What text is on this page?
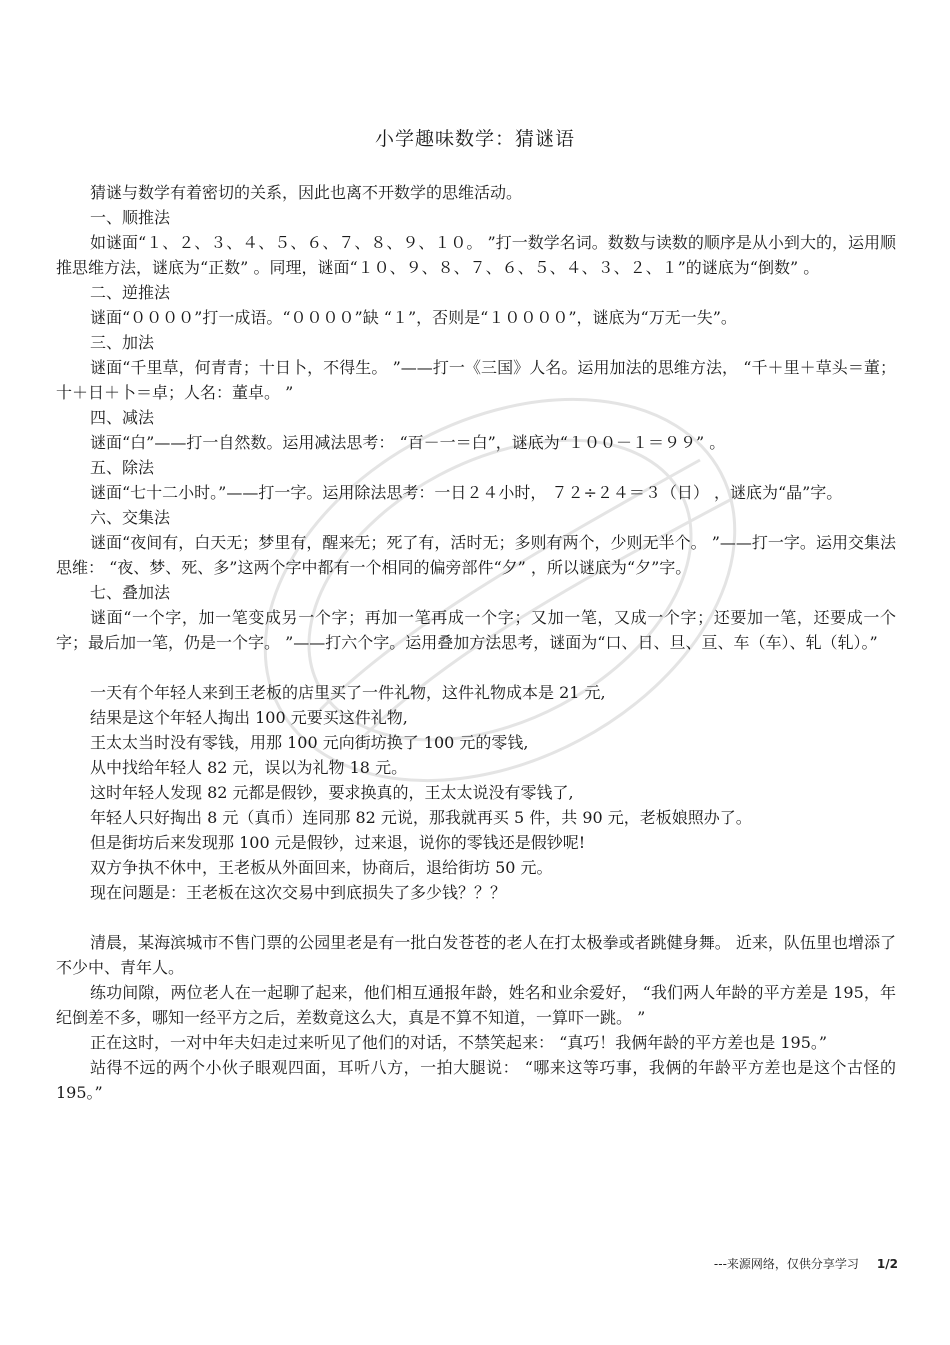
小学趣味数学：猜谜语

猜谜与数学有着密切的关系，因此也离不开数学的思维活动。

一、顺推法

如谜面“１、２、３、４、５、６、７、８、９、１０。 ”打一数学名词。数数与读数的顺序是从小到大的，运用顺推思维方法，谜底为“正数” 。同理，谜面“１０、９、８、７、６、５、４、３、２、１”的谜底为“倒数” 。

二、逆推法

谜面“００００”打一成语。“００００”缺 “１”，否则是“１００００”，谜底为“万无一失”。

三、加法

谜面“千里草，何青青；十日卜，不得生。 ”——打一《三国》人名。运用加法的思维方法， “千＋里＋草头＝董；十＋日＋卜＝卓；人名：董卓。 ”

四、减法

谜面“白”——打一自然数。运用减法思考： “百－一＝白”，谜底为“１００－１＝９９” 。

五、除法

谜面“七十二小时。”——打一字。运用除法思考：一日２４小时， ７２÷２４＝３（日） ，谜底为“晶”字。

六、交集法

谜面“夜间有，白天无；梦里有，醒来无；死了有，活时无；多则有两个，少则无半个。 ”——打一字。运用交集法思维： “夜、梦、死、多”这两个字中都有一个相同的偏旁部件“夕” ，所以谜底为“夕”字。

七、叠加法

谜面“一个字，加一笔变成另一个字；再加一笔再成一个字；又加一笔，又成一个字；还要加一笔，还要成一个字；最后加一笔，仍是一个字。 ”——打六个字。运用叠加方法思考，谜面为“口、日、旦、亘、车（车）、轧（轧）。”

一天有个年轻人来到王老板的店里买了一件礼物，这件礼物成本是 21 元,

结果是这个年轻人掏出 100 元要买这件礼物,

王太太当时没有零钱，用那 100 元向街坊换了 100 元的零钱,

从中找给年轻人 82 元，误以为礼物 18 元。

这时年轻人发现 82 元都是假钞，要求换真的，王太太说没有零钱了,

年轻人只好掏出 8 元（真币）连同那 82 元说，那我就再买 5 件，共 90 元，老板娘照办了。

但是街坊后来发现那 100 元是假钞，过来退，说你的零钱还是假钞呢!

双方争执不休中，王老板从外面回来，协商后，退给街坊 50 元。

现在问题是：王老板在这次交易中到底损失了多少钱？？？

清晨，某海滨城市不售门票的公园里老是有一批白发苍苍的老人在打太极拳或者跳健身舞。 近来，队伍里也增添了不少中、青年人。

练功间隙，两位老人在一起聊了起来，他们相互通报年龄，姓名和业余爱好， “我们两人年龄的平方差是 195，年纪倒差不多，哪知一经平方之后，差数竟这么大，真是不算不知道，一算吓一跳。 ”

正在这时，一对中年夫妇走过来听见了他们的对话，不禁笑起来： “真巧！我俩年龄的平方差也是 195。”

站得不远的两个小伙子眼观四面，耳听八方，一拍大腿说： “哪来这等巧事，我俩的年龄平方差也是这个古怪的 195。”

---来源网络，仅供分享学习 1/2
